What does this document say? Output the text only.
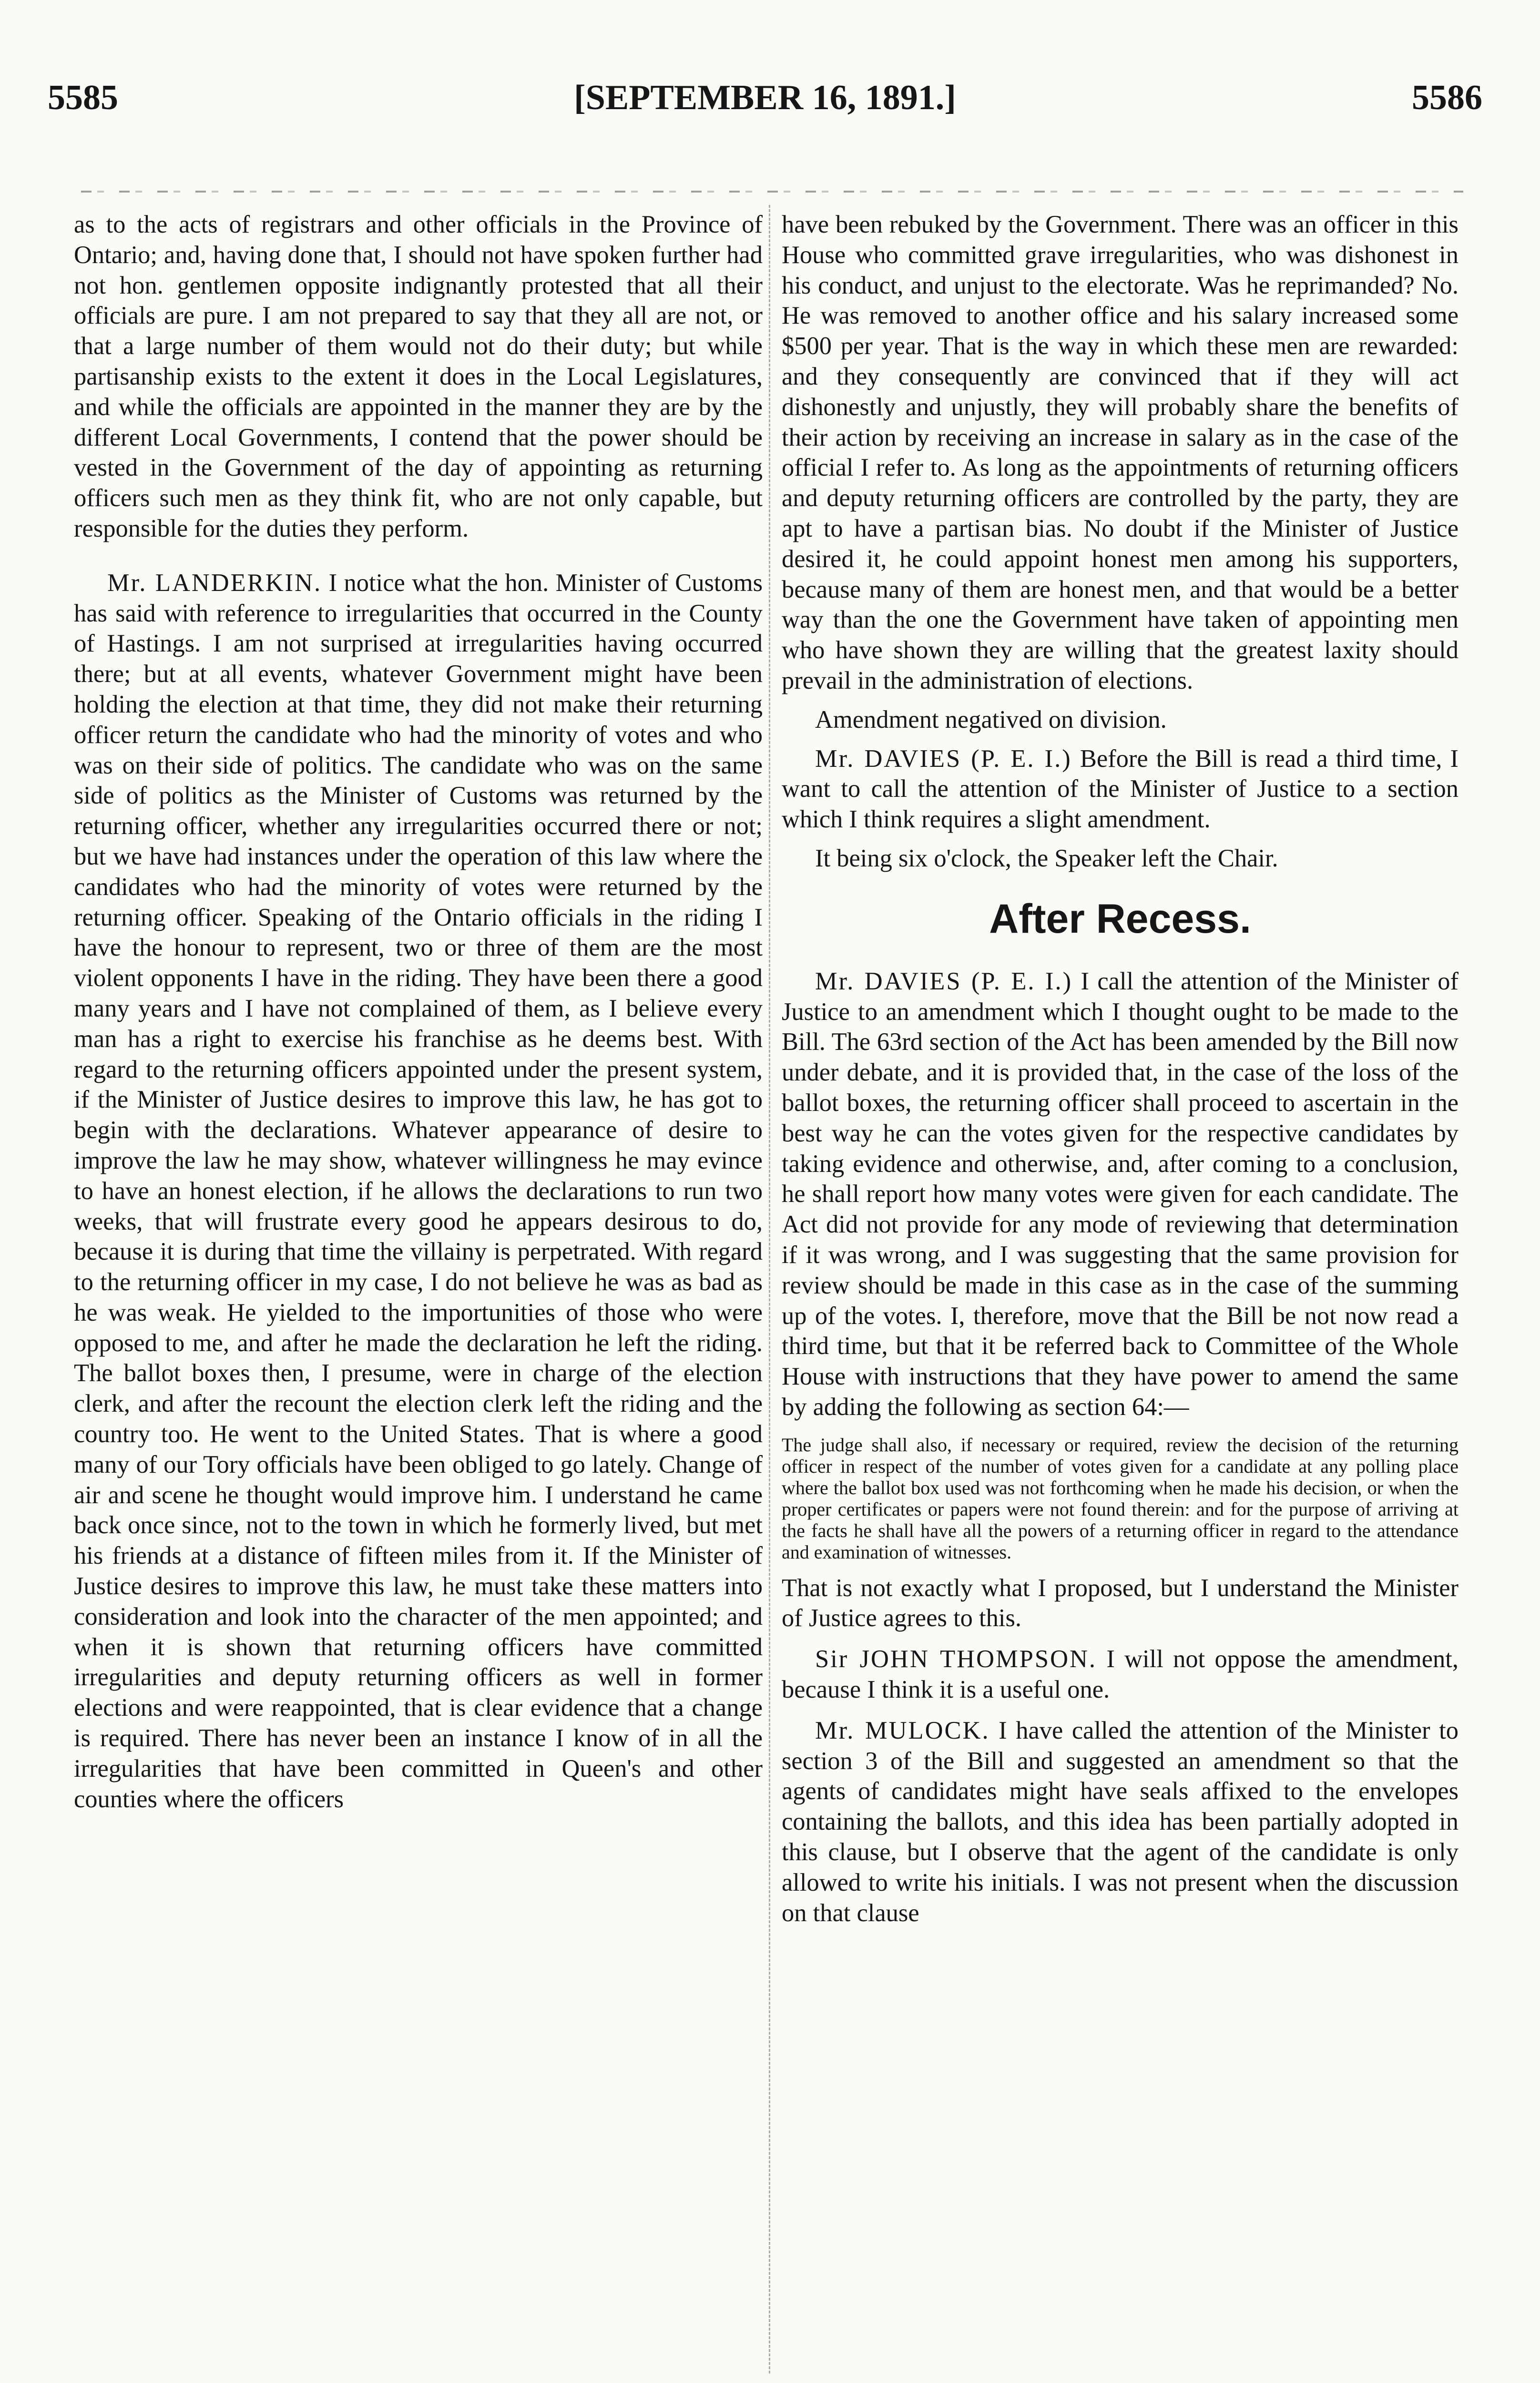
5585	[SEPTEMBER 16, 1891.]	5586

as to the acts of registrars and other officials in the Province of Ontario; and, having done that, I should not have spoken further had not hon. gentlemen opposite indignantly protested that all their officials are pure. I am not prepared to say that they all are not, or that a large number of them would not do their duty; but while partisanship exists to the extent it does in the Local Legislatures, and while the officials are appointed in the manner they are by the different Local Governments, I contend that the power should be vested in the Government of the day of appointing as returning officers such men as they think fit, who are not only capable, but responsible for the duties they perform.

Mr. LANDERKIN. I notice what the hon. Minister of Customs has said with reference to irregularities that occurred in the County of Hastings. I am not surprised at irregularities having occurred there; but at all events, whatever Government might have been holding the election at that time, they did not make their returning officer return the candidate who had the minority of votes and who was on their side of politics. The candidate who was on the same side of politics as the Minister of Customs was returned by the returning officer, whether any irregularities occurred there or not; but we have had instances under the operation of this law where the candidates who had the minority of votes were returned by the returning officer. Speaking of the Ontario officials in the riding I have the honour to represent, two or three of them are the most violent opponents I have in the riding. They have been there a good many years and I have not complained of them, as I believe every man has a right to exercise his franchise as he deems best. With regard to the returning officers appointed under the present system, if the Minister of Justice desires to improve this law, he has got to begin with the declarations. Whatever appearance of desire to improve the law he may show, whatever willingness he may evince to have an honest election, if he allows the declarations to run two weeks, that will frustrate every good he appears desirous to do, because it is during that time the villainy is perpetrated. With regard to the returning officer in my case, I do not believe he was as bad as he was weak. He yielded to the importunities of those who were opposed to me, and after he made the declaration he left the riding. The ballot boxes then, I presume, were in charge of the election clerk, and after the recount the election clerk left the riding and the country too. He went to the United States. That is where a good many of our Tory officials have been obliged to go lately. Change of air and scene he thought would improve him. I understand he came back once since, not to the town in which he formerly lived, but met his friends at a distance of fifteen miles from it. If the Minister of Justice desires to improve this law, he must take these matters into consideration and look into the character of the men appointed; and when it is shown that returning officers have committed irregularities and deputy returning officers as well in former elections and were reappointed, that is clear evidence that a change is required. There has never been an instance I know of in all the irregularities that have been committed in Queen's and other counties where the officers

have been rebuked by the Government. There was an officer in this House who committed grave irregularities, who was dishonest in his conduct, and unjust to the electorate. Was he reprimanded? No. He was removed to another office and his salary increased some $500 per year. That is the way in which these men are rewarded: and they consequently are convinced that if they will act dishonestly and unjustly, they will probably share the benefits of their action by receiving an increase in salary as in the case of the official I refer to. As long as the appointments of returning officers and deputy returning officers are controlled by the party, they are apt to have a partisan bias. No doubt if the Minister of Justice desired it, he could appoint honest men among his supporters, because many of them are honest men, and that would be a better way than the one the Government have taken of appointing men who have shown they are willing that the greatest laxity should prevail in the administration of elections.

Amendment negatived on division.

Mr. DAVIES (P. E. I.) Before the Bill is read a third time, I want to call the attention of the Minister of Justice to a section which I think requires a slight amendment.

It being six o'clock, the Speaker left the Chair.

After Recess.

Mr. DAVIES (P. E. I.) I call the attention of the Minister of Justice to an amendment which I thought ought to be made to the Bill. The 63rd section of the Act has been amended by the Bill now under debate, and it is provided that, in the case of the loss of the ballot boxes, the returning officer shall proceed to ascertain in the best way he can the votes given for the respective candidates by taking evidence and otherwise, and, after coming to a conclusion, he shall report how many votes were given for each candidate. The Act did not provide for any mode of reviewing that determination if it was wrong, and I was suggesting that the same provision for review should be made in this case as in the case of the summing up of the votes. I, therefore, move that the Bill be not now read a third time, but that it be referred back to Committee of the Whole House with instructions that they have power to amend the same by adding the following as section 64:—

The judge shall also, if necessary or required, review the decision of the returning officer in respect of the number of votes given for a candidate at any polling place where the ballot box used was not forthcoming when he made his decision, or when the proper certificates or papers were not found therein: and for the purpose of arriving at the facts he shall have all the powers of a returning officer in regard to the attendance and examination of witnesses.

That is not exactly what I proposed, but I understand the Minister of Justice agrees to this.

Sir JOHN THOMPSON. I will not oppose the amendment, because I think it is a useful one.

Mr. MULOCK. I have called the attention of the Minister to section 3 of the Bill and suggested an amendment so that the agents of candidates might have seals affixed to the envelopes containing the ballots, and this idea has been partially adopted in this clause, but I observe that the agent of the candidate is only allowed to write his initials. I was not present when the discussion on that clause
